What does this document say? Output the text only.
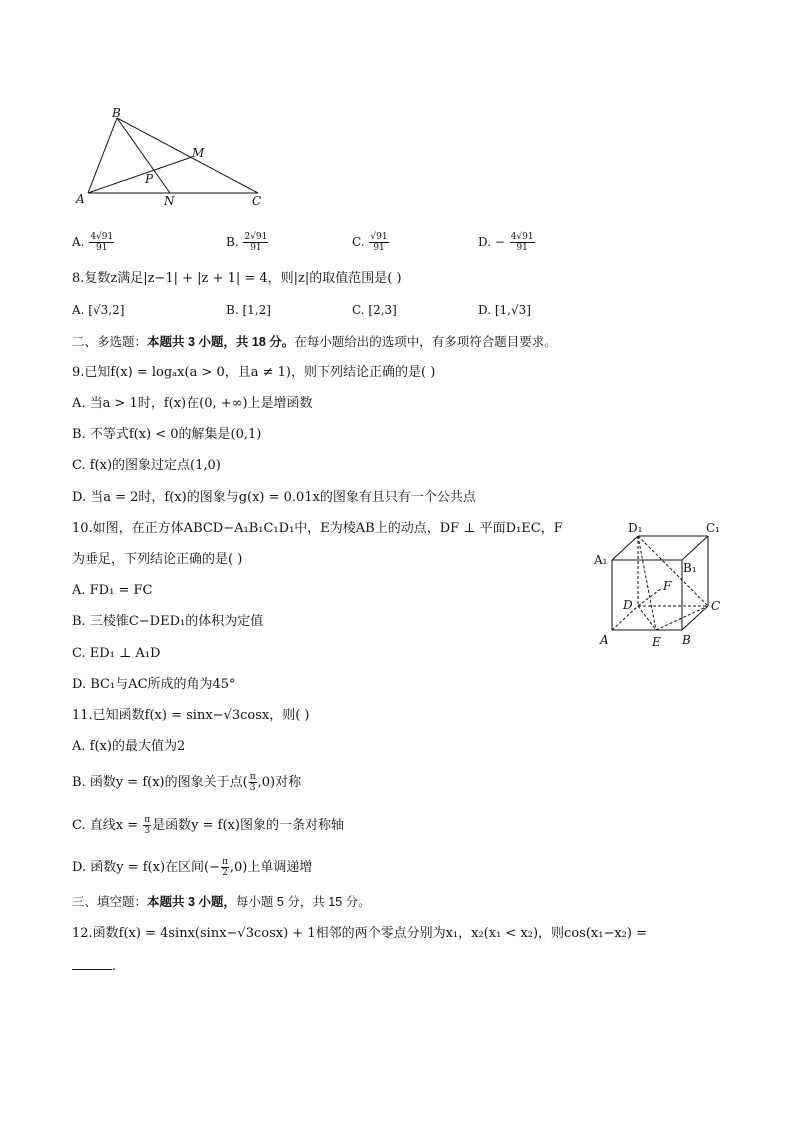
B
M
P
A	N	C
A. $\frac{4√91}{91}$	B. $\frac{2√91}{91}$	C. $\frac{√91}{91}$	D. − $\frac{4√91}{91}$
8.复数z满足|z−1| + |z + 1| = 4，则|z|的取值范围是( )
A. [√3,2]	B. [1,2]	C. [2,3]	D. [1,√3]
二、多选题：本题共 3 小题，共 18 分。在每小题给出的选项中，有多项符合题目要求。
9.已知f(x) = logₐx(a > 0，且a ≠ 1)，则下列结论正确的是( )
A. 当a > 1时，f(x)在(0, +∞)上是增函数
B. 不等式f(x) < 0的解集是(0,1)
C. f(x)的图象过定点(1,0)
D. 当a = 2时，f(x)的图象与g(x) = 0.01x的图象有且只有一个公共点
10.如图，在正方体ABCD−A₁B₁C₁D₁中，E为棱AB上的动点，DF ⊥ 平面D₁EC，F
为垂足，下列结论正确的是( )
A. FD₁ = FC
B. 三棱锥C−DED₁的体积为定值
C. ED₁ ⊥ A₁D
D. BC₁与AC所成的角为45°
D₁	C₁
A₁
B₁
F
D	C
A	E B
11.已知函数f(x) = sinx−√3cosx，则( )
A. f(x)的最大值为2
B. 函数y = f(x)的图象关于点( $\frac{\pi}{3} ,0$)对称
C. 直线$x = \frac{\pi}{3}$ 是函数y = f(x)图象的一条对称轴
D. 函数y = f(x)在区间(− $\frac{\pi}{2} ,0$)上单调递增
三、填空题：本题共 3 小题，每小题 5 分，共 15 分。
12.函数f(x) = 4sinx(sinx−√3cosx) + 1相邻的两个零点分别为x₁，x₂(x₁ < x₂)，则cos(x₁−x₂) =
.
